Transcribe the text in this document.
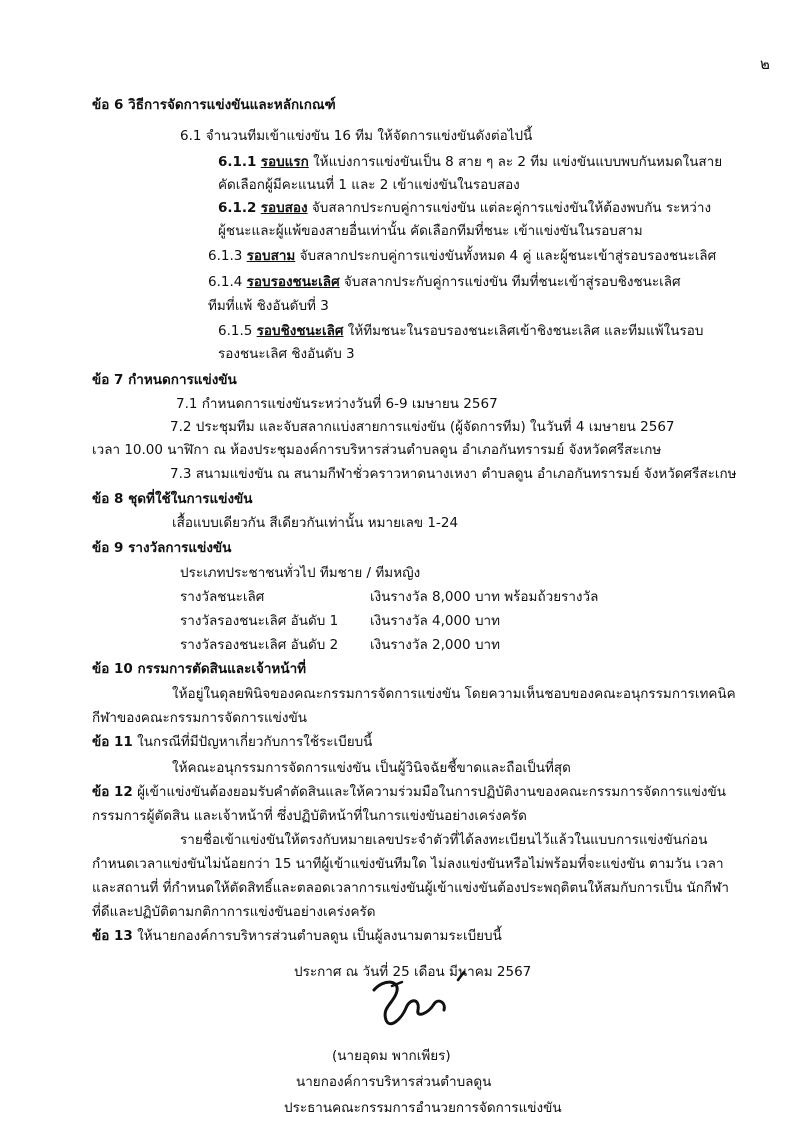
๒
ข้อ 6 วิธีการจัดการแข่งขันและหลักเกณฑ์
6.1 จำนวนทีมเข้าแข่งขัน 16 ทีม ให้จัดการแข่งขันดังต่อไปนี้
6.1.1 รอบแรก ให้แบ่งการแข่งขันเป็น 8 สาย ๆ ละ 2 ทีม แข่งขันแบบพบกันหมดในสาย
คัดเลือกผู้มีคะแนนที่ 1 และ 2 เข้าแข่งขันในรอบสอง
6.1.2 รอบสอง จับสลากประกบคู่การแข่งขัน แต่ละคู่การแข่งขันให้ต้องพบกัน ระหว่าง
ผู้ชนะและผู้แพ้ของสายอื่นเท่านั้น คัดเลือกทีมที่ชนะ เข้าแข่งขันในรอบสาม
6.1.3 รอบสาม จับสลากประกบคู่การแข่งขันทั้งหมด 4 คู่ และผู้ชนะเข้าสู่รอบรองชนะเลิศ
6.1.4 รอบรองชนะเลิศ จับสลากประกับคู่การแข่งขัน ทีมที่ชนะเข้าสู่รอบชิงชนะเลิศ
ทีมที่แพ้ ชิงอันดับที่ 3
6.1.5 รอบชิงชนะเลิศ ให้ทีมชนะในรอบรองชนะเลิศเข้าชิงชนะเลิศ และทีมแพ้ในรอบ
รองชนะเลิศ ชิงอันดับ 3
ข้อ 7 กำหนดการแข่งขัน
7.1 กำหนดการแข่งขันระหว่างวันที่ 6-9 เมษายน 2567
7.2 ประชุมทีม และจับสลากแบ่งสายการแข่งขัน (ผู้จัดการทีม) ในวันที่ 4 เมษายน 2567
เวลา 10.00 นาฬิกา ณ ห้องประชุมองค์การบริหารส่วนตำบลดูน อำเภอกันทรารมย์ จังหวัดศรีสะเกษ
7.3 สนามแข่งขัน ณ สนามกีฬาชั่วคราวหาดนางเหงา ตำบลดูน อำเภอกันทรารมย์ จังหวัดศรีสะเกษ
ข้อ 8 ชุดที่ใช้ในการแข่งขัน
เสื้อแบบเดียวกัน สีเดียวกันเท่านั้น หมายเลข 1-24
ข้อ 9 รางวัลการแข่งขัน
ประเภทประชาชนทั่วไป ทีมชาย / ทีมหญิง
รางวัลชนะเลิศ	เงินรางวัล 8,000 บาท พร้อมถ้วยรางวัล
รางวัลรองชนะเลิศ อันดับ 1 เงินรางวัล 4,000 บาท
รางวัลรองชนะเลิศ อันดับ 2 เงินรางวัล 2,000 บาท
ข้อ 10 กรรมการตัดสินและเจ้าหน้าที่
ให้อยู่ในดุลยพินิจของคณะกรรมการจัดการแข่งขัน โดยความเห็นชอบของคณะอนุกรรมการเทคนิค
กีฬาของคณะกรรมการจัดการแข่งขัน
ข้อ 11 ในกรณีที่มีปัญหาเกี่ยวกับการใช้ระเบียบนี้
ให้คณะอนุกรรมการจัดการแข่งขัน เป็นผู้วินิจฉัยชี้ขาดและถือเป็นที่สุด
ข้อ 12 ผู้เข้าแข่งขันต้องยอมรับคำตัดสินและให้ความร่วมมือในการปฏิบัติงานของคณะกรรมการจัดการแข่งขัน
กรรมการผู้ตัดสิน และเจ้าหน้าที่ ซึ่งปฏิบัติหน้าที่ในการแข่งขันอย่างเคร่งครัด
รายชื่อเข้าแข่งขันให้ตรงกับหมายเลขประจำตัวที่ได้ลงทะเบียนไว้แล้วในแบบการแข่งขันก่อน
กำหนดเวลาแข่งขันไม่น้อยกว่า 15 นาทีผู้เข้าแข่งขันทีมใด ไม่ลงแข่งขันหรือไม่พร้อมที่จะแข่งขัน ตามวัน เวลา
และสถานที่ ที่กำหนดให้ตัดสิทธิ์และตลอดเวลาการแข่งขันผู้เข้าแข่งขันต้องประพฤติตนให้สมกับการเป็น นักกีฬา
ที่ดีและปฏิบัติตามกติกาการแข่งขันอย่างเคร่งครัด
ข้อ 13 ให้นายกองค์การบริหารส่วนตำบลดูน เป็นผู้ลงนามตามระเบียบนี้
ประกาศ ณ วันที่ 25 เดือน มีนาคม 2567
(นายอุดม พากเพียร)
นายกองค์การบริหารส่วนตำบลดูน
ประธานคณะกรรมการอำนวยการจัดการแข่งขัน
